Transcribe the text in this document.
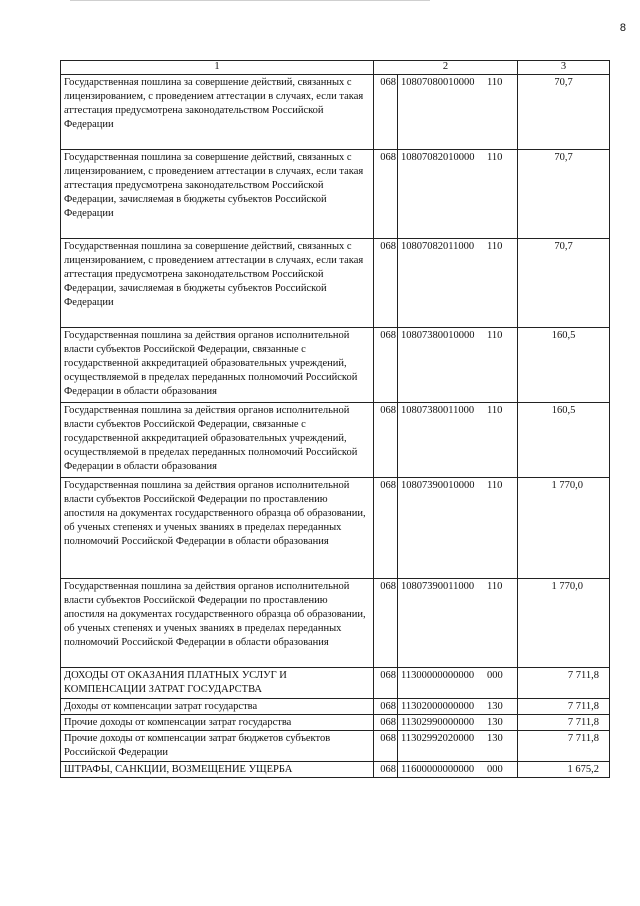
8
1	2		3
Государственная пошлина за совершение действий, связанных с лицензированием, с проведением аттестации в случаях, если такая аттестация предусмотрена законодательством Российской Федерации	068	10807080010000 110	70,7
Государственная пошлина за совершение действий, связанных с лицензированием, с проведением аттестации в случаях, если такая аттестация предусмотрена законодательством Российской Федерации, зачисляемая в бюджеты субъектов Российской Федерации	068	10807082010000 110	70,7
Государственная пошлина за совершение действий, связанных с лицензированием, с проведением аттестации в случаях, если такая аттестация предусмотрена законодательством Российской Федерации, зачисляемая в бюджеты субъектов Российской Федерации	068	10807082011000 110	70,7
Государственная пошлина за действия органов исполнительной власти субъектов Российской Федерации, связанные с государственной аккредитацией образовательных учреждений, осуществляемой в пределах переданных полномочий Российской Федерации в области образования	068	10807380010000 110	160,5
Государственная пошлина за действия органов исполнительной власти субъектов Российской Федерации, связанные с государственной аккредитацией образовательных учреждений, осуществляемой в пределах переданных полномочий Российской Федерации в области образования	068	10807380011000 110	160,5
Государственная пошлина за действия органов исполнительной власти субъектов Российской Федерации по проставлению апостиля на документах государственного образца об образовании, об ученых степенях и ученых званиях в пределах переданных полномочий Российской Федерации в области образования	068	10807390010000 110	1 770,0
Государственная пошлина за действия органов исполнительной власти субъектов Российской Федерации по проставлению апостиля на документах государственного образца об образовании, об ученых степенях и ученых званиях в пределах переданных полномочий Российской Федерации в области образования	068	10807390011000 110	1 770,0
ДОХОДЫ ОТ ОКАЗАНИЯ ПЛАТНЫХ УСЛУГ И КОМПЕНСАЦИИ ЗАТРАТ ГОСУДАРСТВА	068	11300000000000 000	7 711,8
Доходы от компенсации затрат государства	068	11302000000000 130	7 711,8
Прочие доходы от компенсации затрат государства	068	11302990000000 130	7 711,8
Прочие доходы от компенсации затрат бюджетов субъектов Российской Федерации	068	11302992020000 130	7 711,8
ШТРАФЫ, САНКЦИИ, ВОЗМЕЩЕНИЕ УЩЕРБА	068	11600000000000 000	1 675,2
